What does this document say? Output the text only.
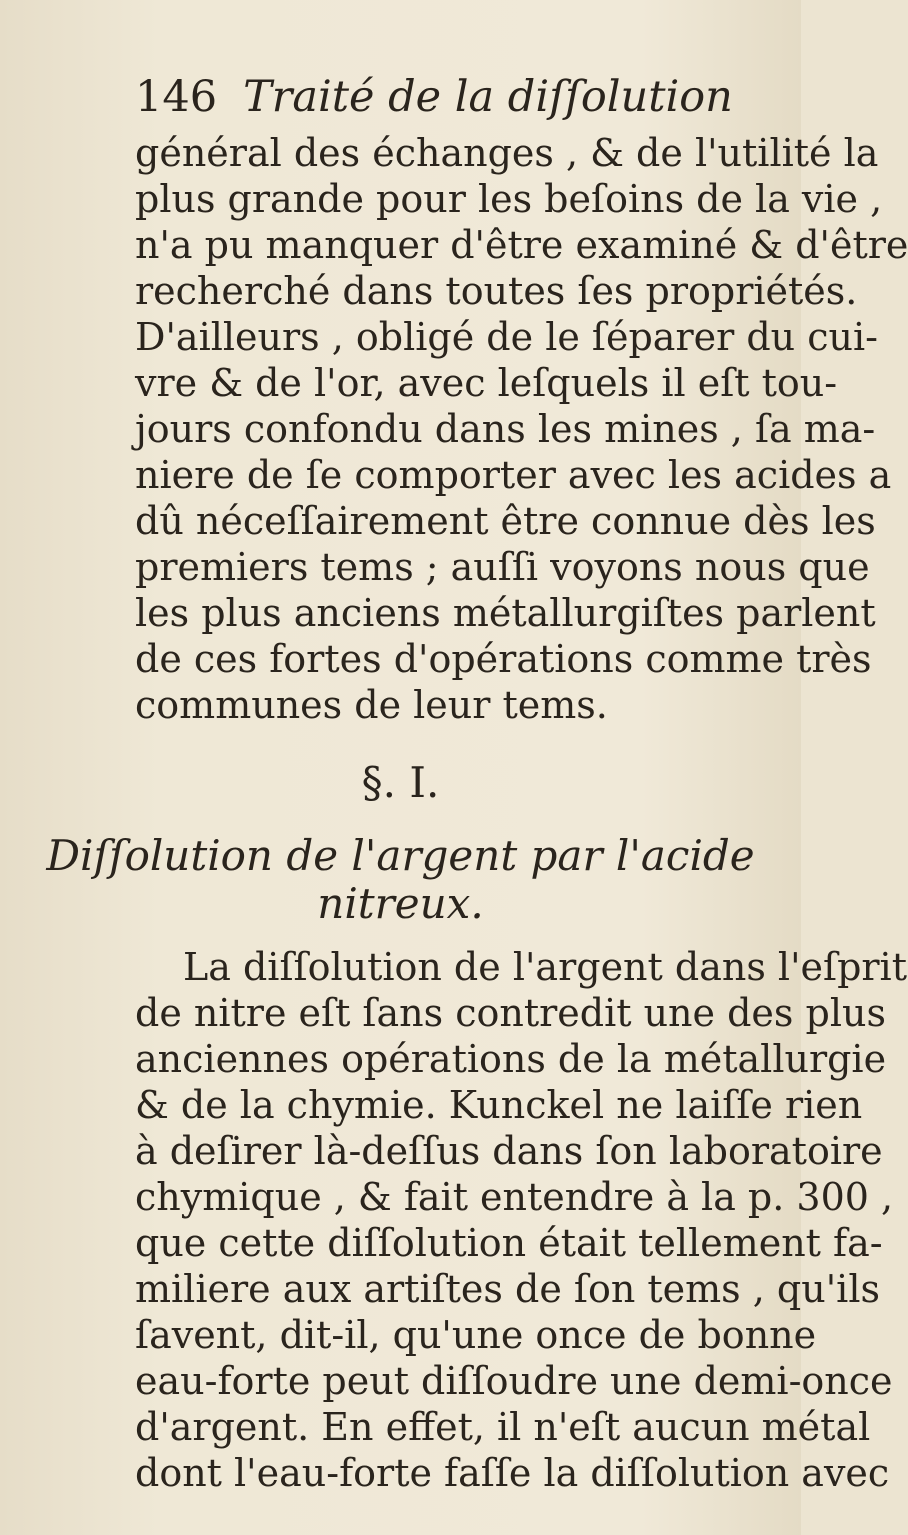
146 Traité de la diſſolution
général des échanges , & de l'utilité la
plus grande pour les beſoins de la vie ,
n'a pu manquer d'être examiné & d'être
recherché dans toutes ſes propriétés.
D'ailleurs , obligé de le ſéparer du cui-
vre & de l'or, avec leſquels il eſt tou-
jours confondu dans les mines , ſa ma-
niere de ſe comporter avec les acides a
dû néceſſairement être connue dès les
premiers tems ; auſſi voyons nous que
les plus anciens métallurgiſtes parlent
de ces fortes d'opérations comme très
communes de leur tems.
§. I.
Diſſolution de l'argent par l'acide
nitreux.
La diſſolution de l'argent dans l'eſprit
de nitre eſt ſans contredit une des plus
anciennes opérations de la métallurgie
& de la chymie. Kunckel ne laiſſe rien
à deſirer là-deſſus dans ſon laboratoire
chymique , & fait entendre à la p. 300 ,
que cette diſſolution était tellement fa-
miliere aux artiſtes de ſon tems , qu'ils
ſavent, dit-il, qu'une once de bonne
eau-forte peut diſſoudre une demi-once
d'argent. En effet, il n'eſt aucun métal
dont l'eau-forte faſſe la diſſolution avec
